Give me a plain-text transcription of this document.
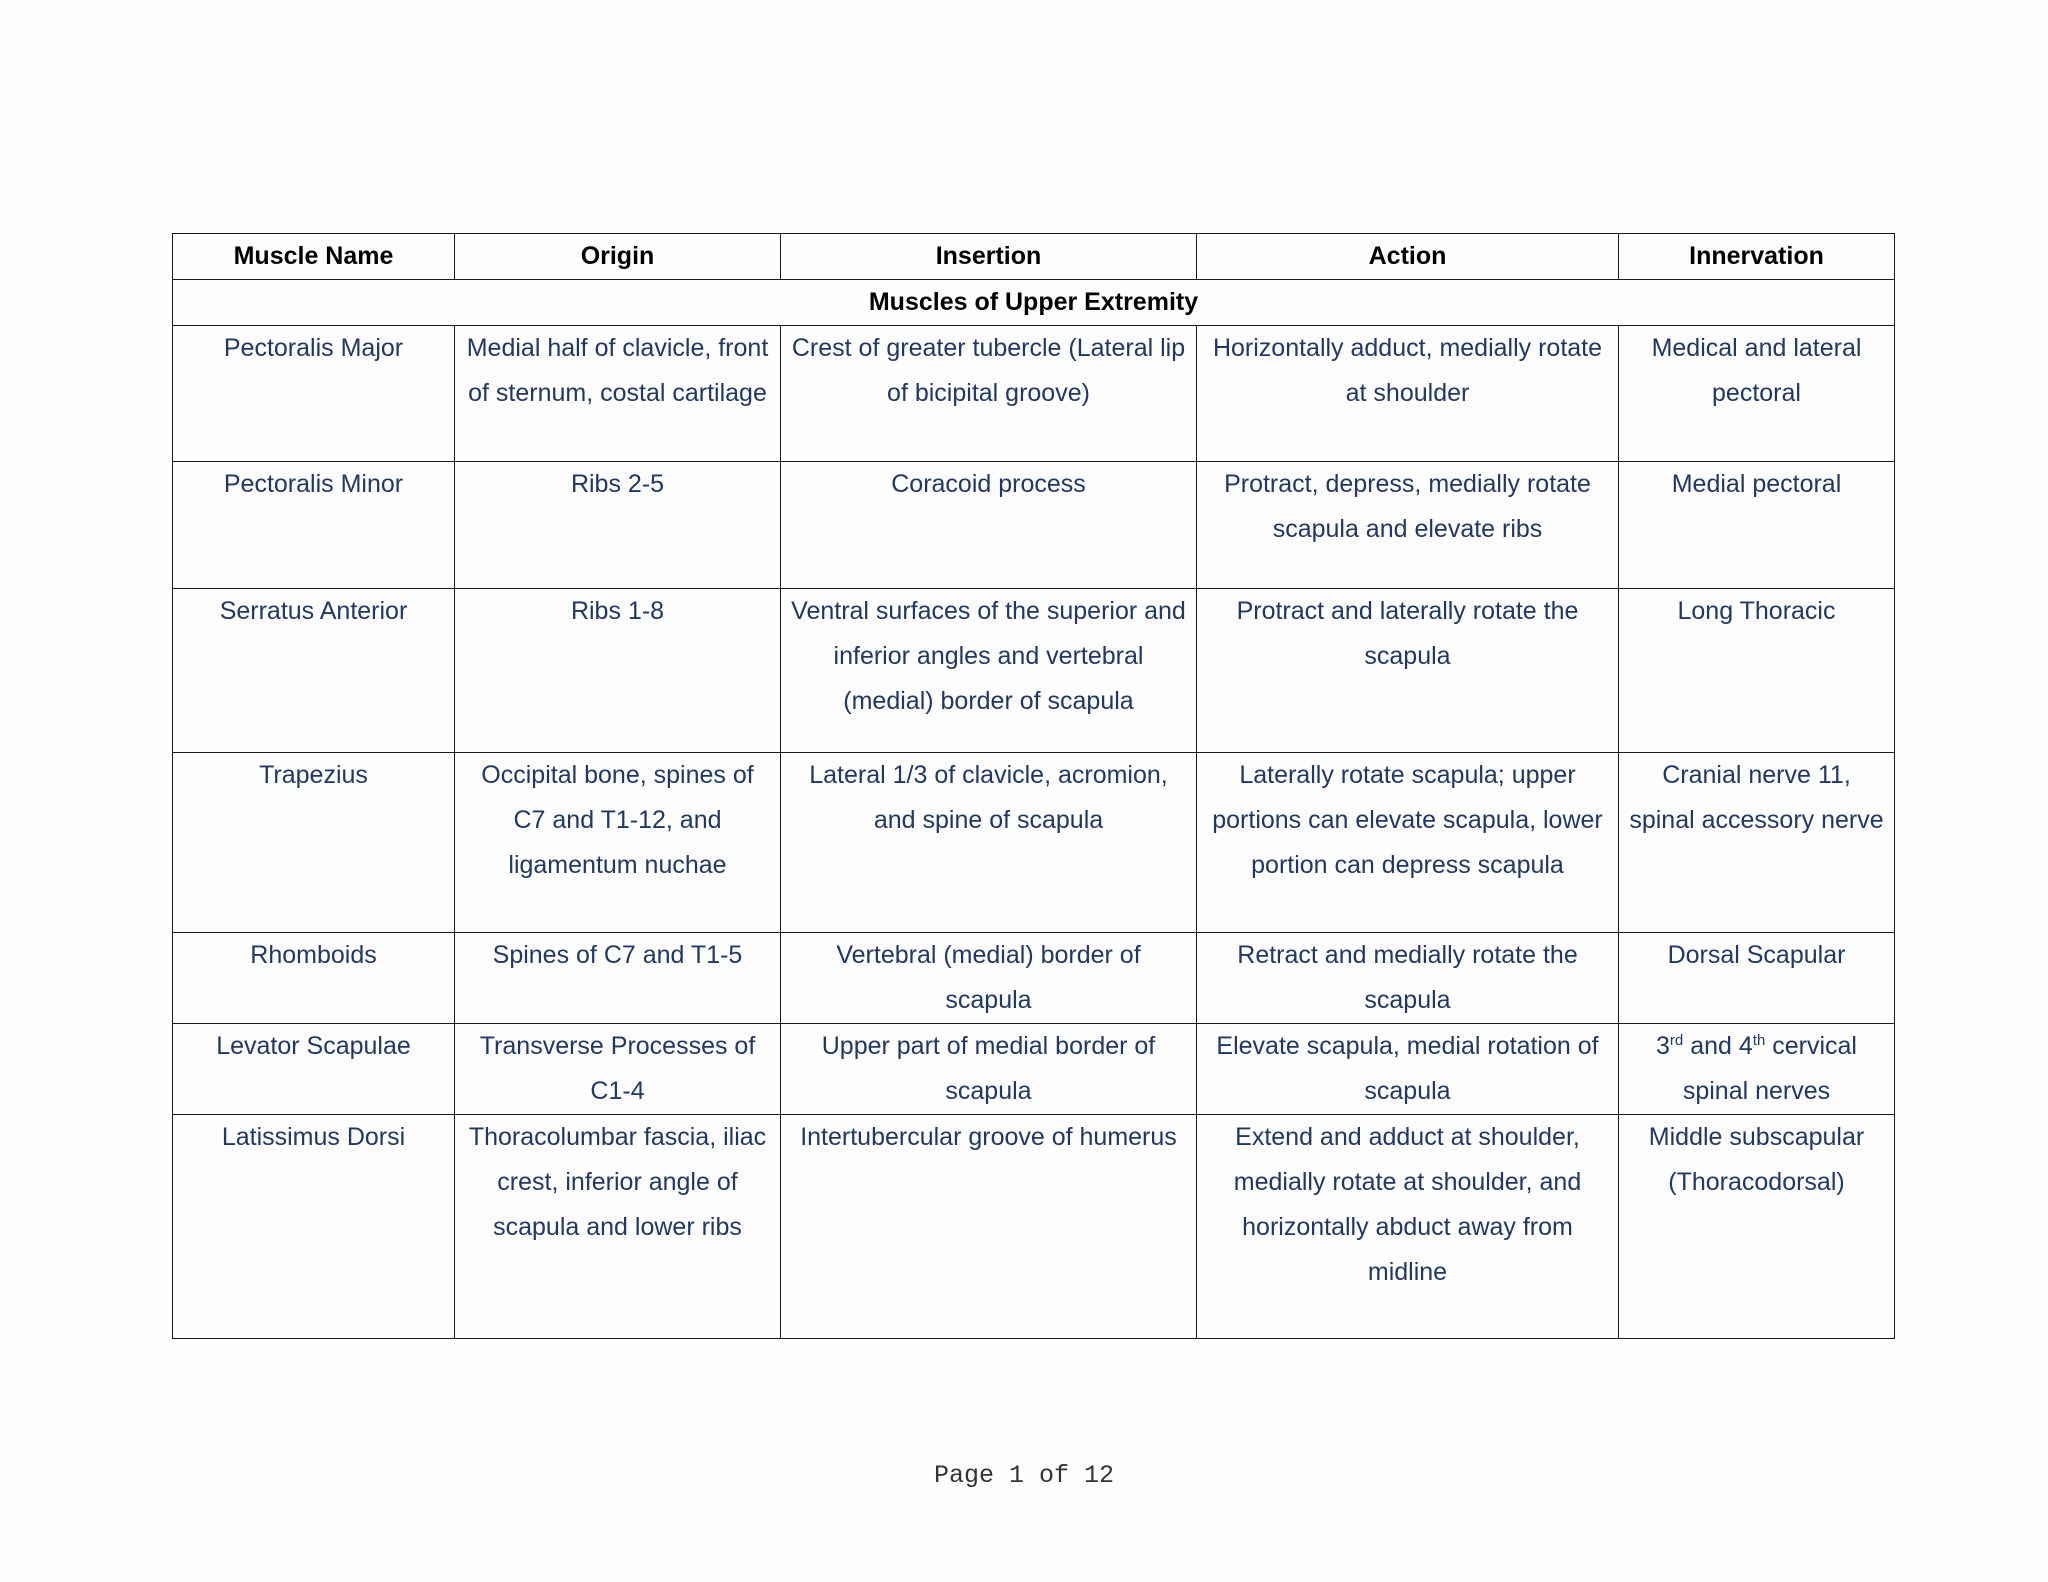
Muscle Name	Origin	Insertion	Action	Innervation
Muscles of Upper Extremity				
Pectoralis Major	Medial half of clavicle, front of sternum, costal cartilage	Crest of greater tubercle (Lateral lip of bicipital groove)	Horizontally adduct, medially rotate at shoulder	Medical and lateral pectoral
Pectoralis Minor	Ribs 2-5	Coracoid process	Protract, depress, medially rotate scapula and elevate ribs	Medial pectoral
Serratus Anterior	Ribs 1-8	Ventral surfaces of the superior and inferior angles and vertebral (medial) border of scapula	Protract and laterally rotate the scapula	Long Thoracic
Trapezius	Occipital bone, spines of C7 and T1-12, and ligamentum nuchae	Lateral 1/3 of clavicle, acromion, and spine of scapula	Laterally rotate scapula; upper portions can elevate scapula, lower portion can depress scapula	Cranial nerve 11, spinal accessory nerve
Rhomboids	Spines of C7 and T1-5	Vertebral (medial) border of scapula	Retract and medially rotate the scapula	Dorsal Scapular
Levator Scapulae	Transverse Processes of C1-4	Upper part of medial border of scapula	Elevate scapula, medial rotation of scapula	3rd and 4th cervical spinal nerves
Latissimus Dorsi	Thoracolumbar fascia, iliac crest, inferior angle of scapula and lower ribs	Intertubercular groove of humerus	Extend and adduct at shoulder, medially rotate at shoulder, and horizontally abduct away from midline	Middle subscapular (Thoracodorsal)
Page 1 of 12
